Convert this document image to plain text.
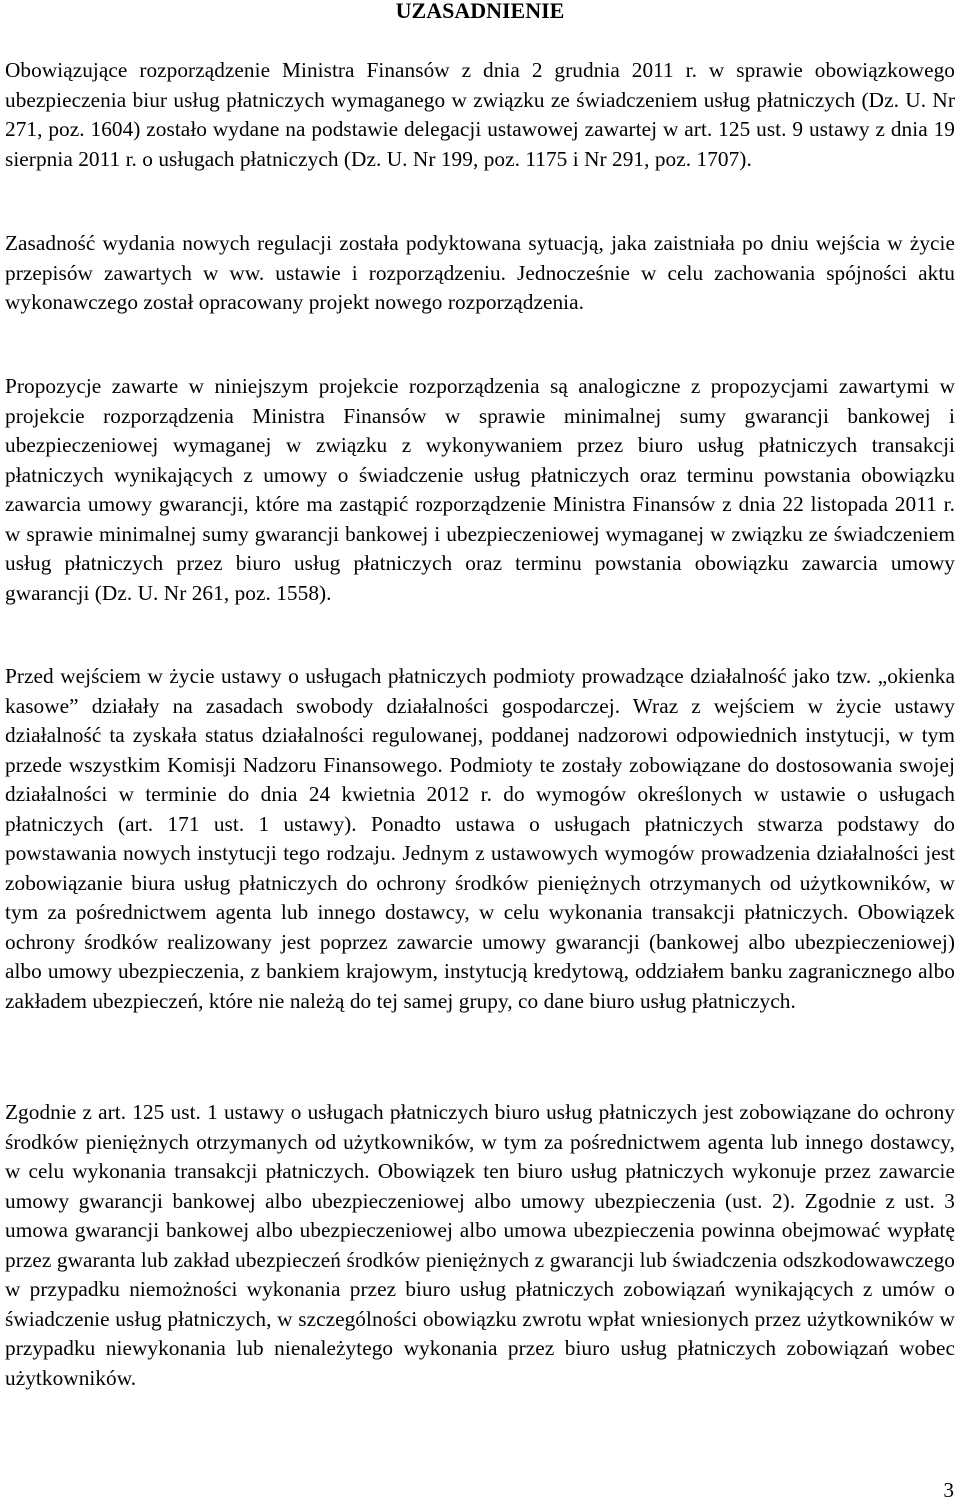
UZASADNIENIE

Obowiązujące rozporządzenie Ministra Finansów z dnia 2 grudnia 2011 r. w sprawie obowiązkowego ubezpieczenia biur usług płatniczych wymaganego w związku ze świadczeniem usług płatniczych (Dz. U. Nr 271, poz. 1604) zostało wydane na podstawie delegacji ustawowej zawartej w art. 125 ust. 9 ustawy z dnia 19 sierpnia 2011 r. o usługach płatniczych (Dz. U. Nr 199, poz. 1175 i Nr 291, poz. 1707).

Zasadność wydania nowych regulacji została podyktowana sytuacją, jaka zaistniała po dniu wejścia w życie przepisów zawartych w ww. ustawie i rozporządzeniu. Jednocześnie w celu zachowania spójności aktu wykonawczego został opracowany projekt nowego rozporządzenia.

Propozycje zawarte w niniejszym projekcie rozporządzenia są analogiczne z propozycjami zawartymi w projekcie rozporządzenia Ministra Finansów w sprawie minimalnej sumy gwarancji bankowej i ubezpieczeniowej wymaganej w związku z wykonywaniem przez biuro usług płatniczych transakcji płatniczych wynikających z umowy o świadczenie usług płatniczych oraz terminu powstania obowiązku zawarcia umowy gwarancji, które ma zastąpić rozporządzenie Ministra Finansów z dnia 22 listopada 2011 r. w sprawie minimalnej sumy gwarancji bankowej i ubezpieczeniowej wymaganej w związku ze świadczeniem usług płatniczych przez biuro usług płatniczych oraz terminu powstania obowiązku zawarcia umowy gwarancji (Dz. U. Nr 261, poz. 1558).

Przed wejściem w życie ustawy o usługach płatniczych podmioty prowadzące działalność jako tzw. „okienka kasowe” działały na zasadach swobody działalności gospodarczej. Wraz z wejściem w życie ustawy działalność ta zyskała status działalności regulowanej, poddanej nadzorowi odpowiednich instytucji, w tym przede wszystkim Komisji Nadzoru Finansowego. Podmioty te zostały zobowiązane do dostosowania swojej działalności w terminie do dnia 24 kwietnia 2012 r. do wymogów określonych w ustawie o usługach płatniczych (art. 171 ust. 1 ustawy). Ponadto ustawa o usługach płatniczych stwarza podstawy do powstawania nowych instytucji tego rodzaju. Jednym z ustawowych wymogów prowadzenia działalności jest zobowiązanie biura usług płatniczych do ochrony środków pieniężnych otrzymanych od użytkowników, w tym za pośrednictwem agenta lub innego dostawcy, w celu wykonania transakcji płatniczych. Obowiązek ochrony środków realizowany jest poprzez zawarcie umowy gwarancji (bankowej albo ubezpieczeniowej) albo umowy ubezpieczenia, z bankiem krajowym, instytucją kredytową, oddziałem banku zagranicznego albo zakładem ubezpieczeń, które nie należą do tej samej grupy, co dane biuro usług płatniczych.

Zgodnie z art. 125 ust. 1 ustawy o usługach płatniczych biuro usług płatniczych jest zobowiązane do ochrony środków pieniężnych otrzymanych od użytkowników, w tym za pośrednictwem agenta lub innego dostawcy, w celu wykonania transakcji płatniczych. Obowiązek ten biuro usług płatniczych wykonuje przez zawarcie umowy gwarancji bankowej albo ubezpieczeniowej albo umowy ubezpieczenia (ust. 2). Zgodnie z ust. 3 umowa gwarancji bankowej albo ubezpieczeniowej albo umowa ubezpieczenia powinna obejmować wypłatę przez gwaranta lub zakład ubezpieczeń środków pieniężnych z gwarancji lub świadczenia odszkodowawczego w przypadku niemożności wykonania przez biuro usług płatniczych zobowiązań wynikających z umów o świadczenie usług płatniczych, w szczególności obowiązku zwrotu wpłat wniesionych przez użytkowników w przypadku niewykonania lub nienależytego wykonania przez biuro usług płatniczych zobowiązań wobec użytkowników.

3
